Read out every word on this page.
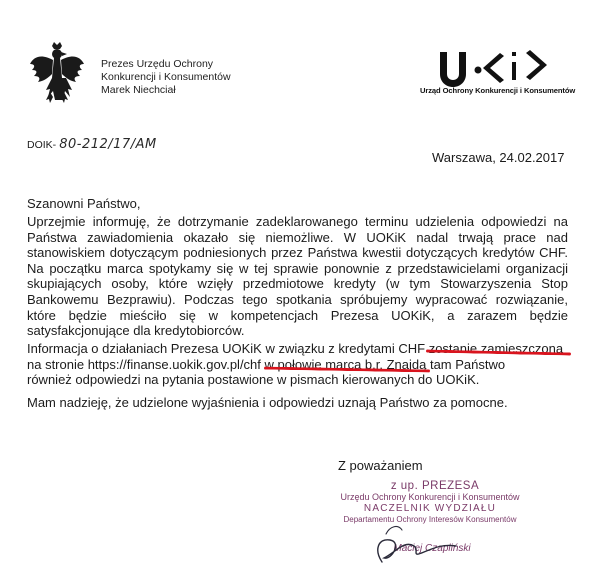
Prezes Urzędu Ochrony
Konkurencji i Konsumentów
Marek Niechciał	Urząd Ochrony Konkurencji i Konsumentów
DOIK- 80-212/17/AM
Warszawa, 24.02.2017
Szanowni Państwo,
Uprzejmie informuję, że dotrzymanie zadeklarowanego terminu udzielenia odpowiedzi na
Państwa zawiadomienia okazało się niemożliwe. W UOKiK nadal trwają prace nad
stanowiskiem dotyczącym podniesionych przez Państwa kwestii dotyczących kredytów CHF.
Na początku marca spotykamy się w tej sprawie ponownie z przedstawicielami organizacji
skupiających osoby, które wzięły przedmiotowe kredyty (w tym Stowarzyszenia Stop
Bankowemu Bezprawiu). Podczas tego spotkania spróbujemy wypracować rozwiązanie,
które będzie mieściło się w kompetencjach Prezesa UOKiK, a zarazem będzie
satysfakcjonujące dla kredytobiorców.
Informacja o działaniach Prezesa UOKiK w związku z kredytami CHF zostanie zamieszczona
na stronie https://finanse.uokik.gov.pl/chf w połowie marca b.r. Znajdą tam Państwo
również odpowiedzi na pytania postawione w pismach kierowanych do UOKiK.
Mam nadzieję, że udzielone wyjaśnienia i odpowiedzi uznają Państwo za pomocne.
Z poważaniem
z up. PREZESA
Urzędu Ochrony Konkurencji i Konsumentów
NACZELNIK WYDZIAŁU
Departamentu Ochrony Interesów Konsumentów
Maciej Czapliński
